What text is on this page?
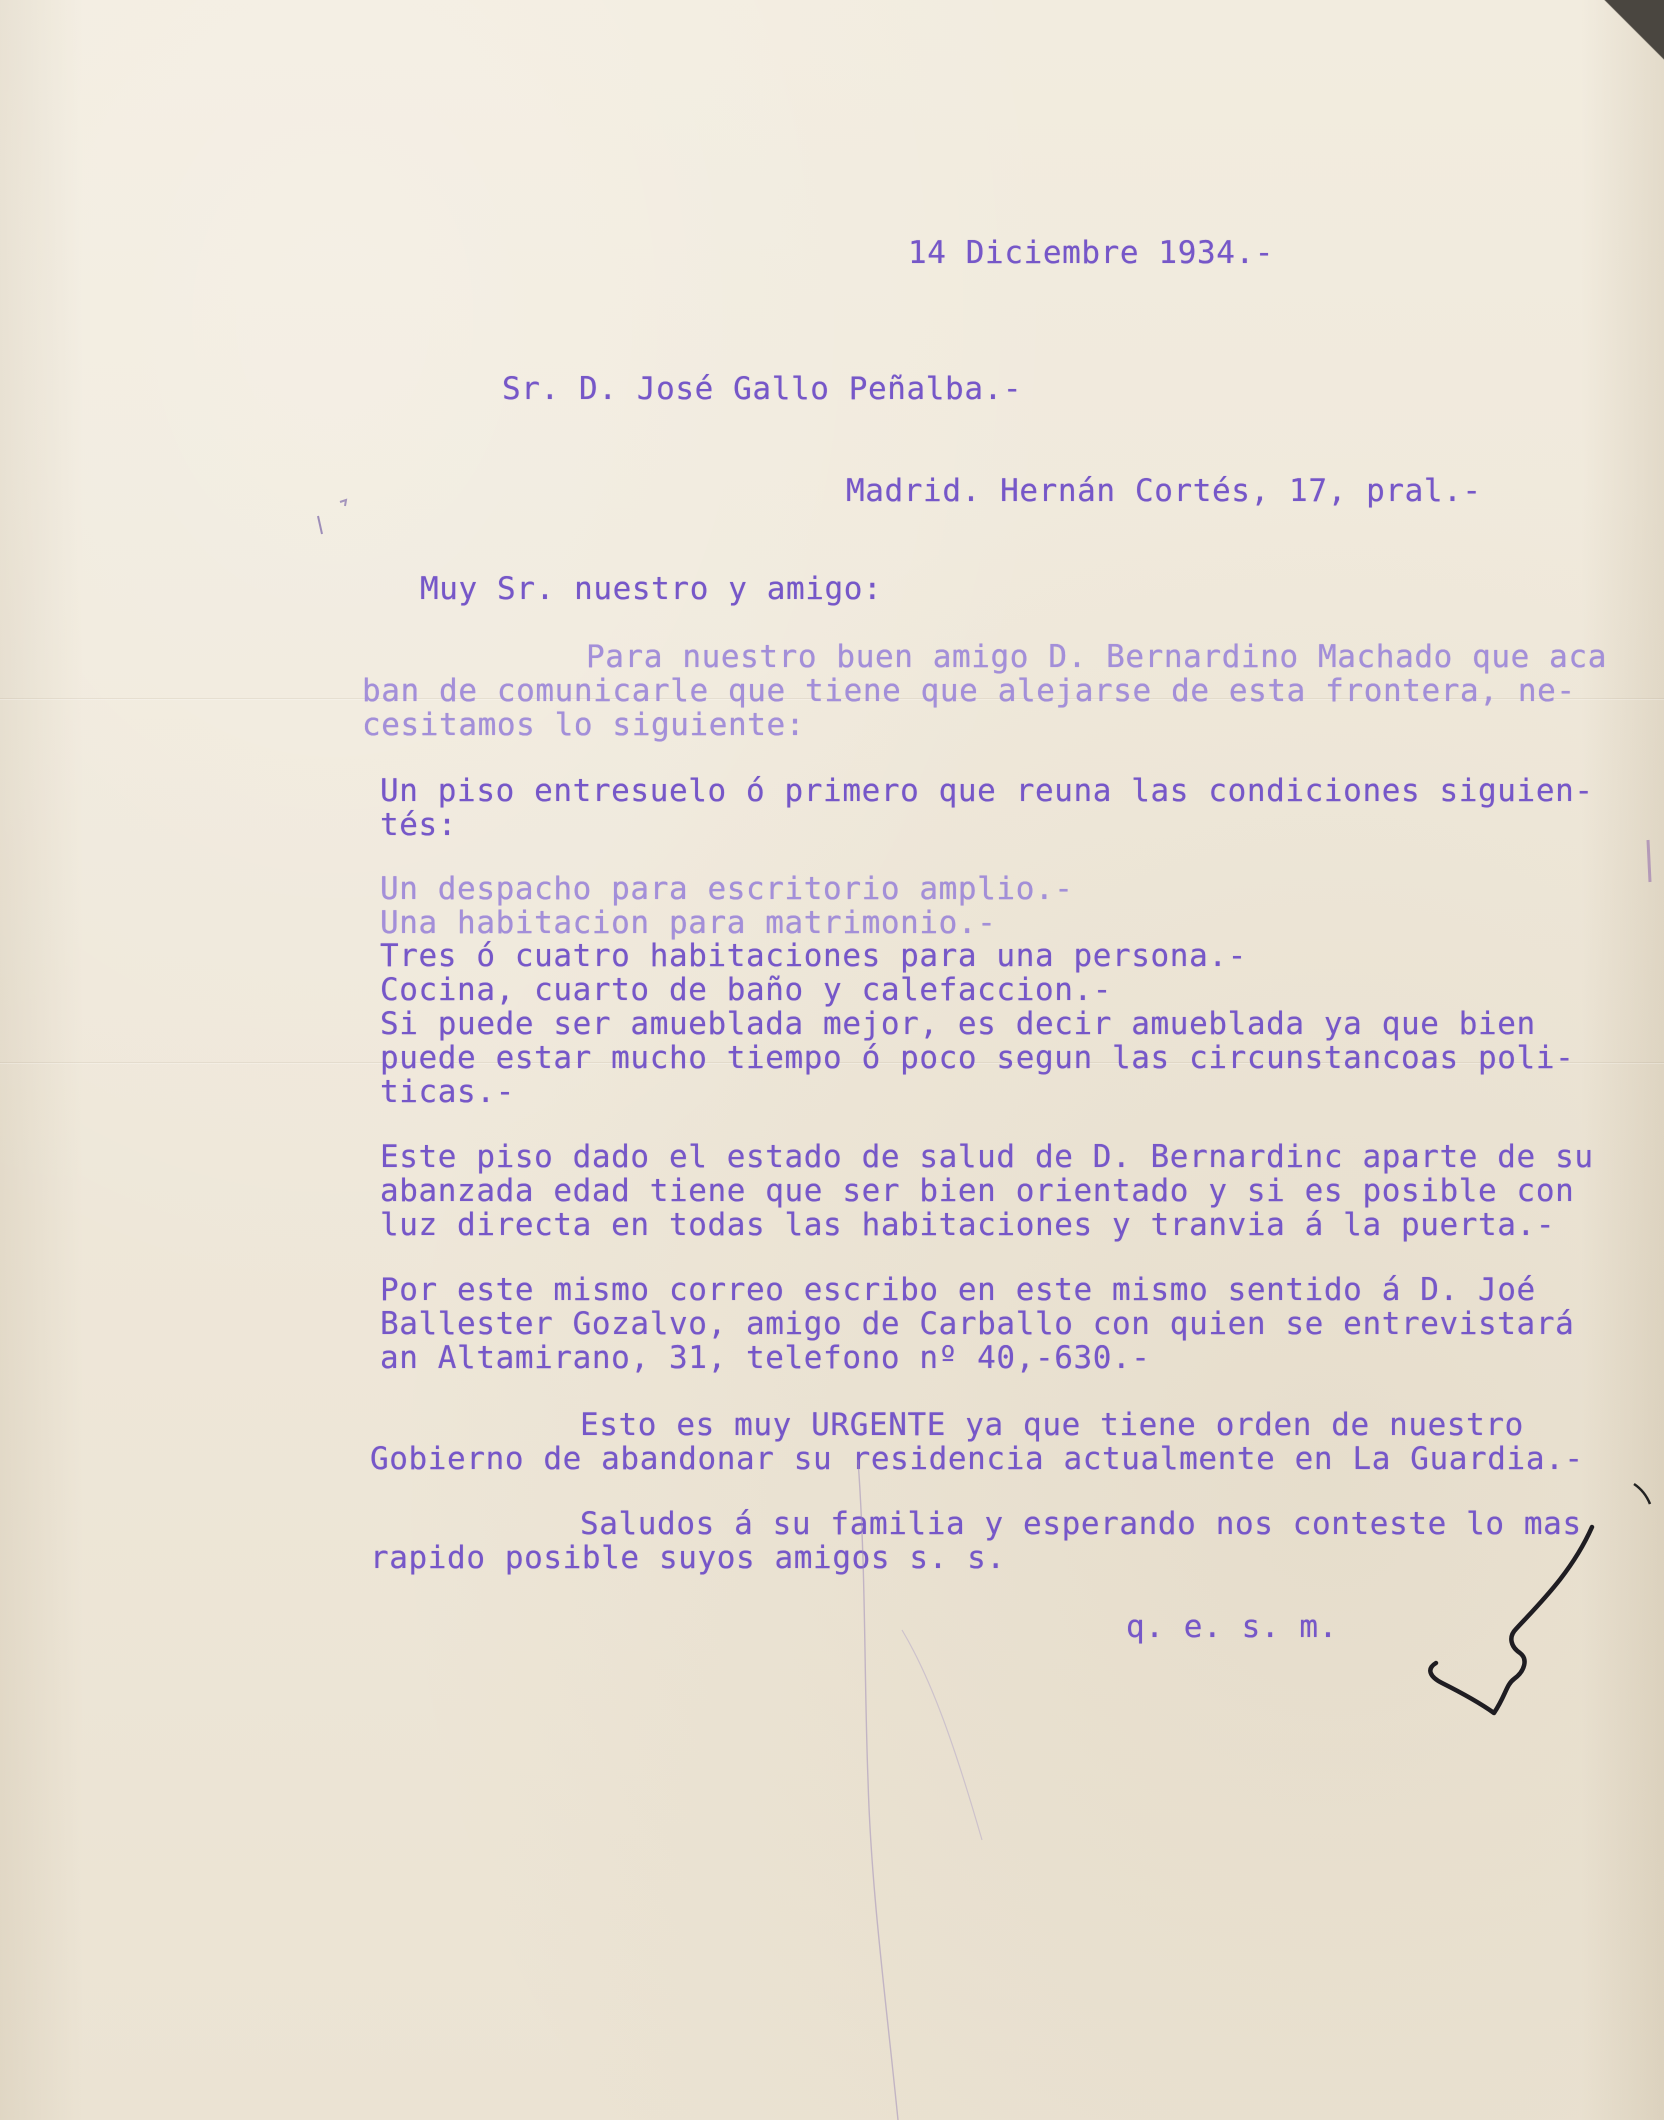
14 Diciembre 1934.-

Sr. D. José Gallo Peñalba.-

Madrid. Hernán Cortés, 17, pral.-

Muy Sr. nuestro y amigo:

Para nuestro buen amigo D. Bernardino Machado que aca

ban de comunicarle que tiene que alejarse de esta frontera, ne-

cesitamos lo siguiente:

Un piso entresuelo ó primero que reuna las condiciones siguien-

tés:

Un despacho para escritorio amplio.-

Una habitacion para matrimonio.-

Tres ó cuatro habitaciones para una persona.-

Cocina, cuarto de baño y calefaccion.-

Si puede ser amueblada mejor, es decir amueblada ya que bien

puede estar mucho tiempo ó poco segun las circunstancoas poli-

ticas.-

Este piso dado el estado de salud de D. Bernardinc aparte de su

abanzada edad tiene que ser bien orientado y si es posible con

luz directa en todas las habitaciones y tranvia á la puerta.-

Por este mismo correo escribo en este mismo sentido á D. Joé

Ballester Gozalvo, amigo de Carballo con quien se entrevistará

an Altamirano, 31, telefono nº 40,-630.-

Esto es muy URGENTE ya que tiene orden de nuestro

Gobierno de abandonar su residencia actualmente en La Guardia.-

Saludos á su familia y esperando nos conteste lo mas

rapido posible suyos amigos s. s.

q. e. s. m.
